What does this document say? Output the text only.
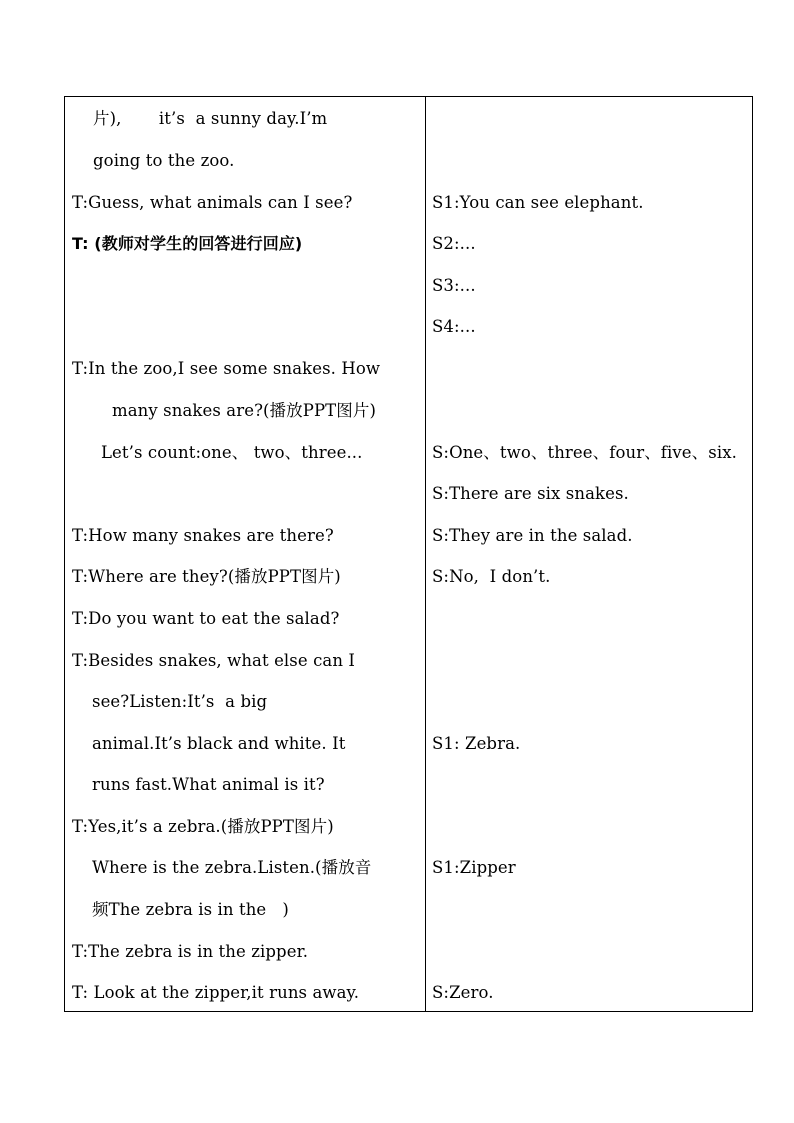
片),       it’s  a sunny day.I’m
going to the zoo.
T:Guess, what animals can I see?
T: (教师对学生的回答进行回应)
T:In the zoo,I see some snakes. How
many snakes are?(播放PPT图片)
Let’s count:one、 two、three...
T:How many snakes are there?
T:Where are they?(播放PPT图片)
T:Do you want to eat the salad?
T:Besides snakes, what else can I
see?Listen:It’s  a big
animal.It’s black and white. It
runs fast.What animal is it?
T:Yes,it’s a zebra.(播放PPT图片)
Where is the zebra.Listen.(播放音
频The zebra is in the   )
T:The zebra is in the zipper.
T: Look at the zipper,it runs away.
S1:You can see elephant.
S2:...
S3:...
S4:...
S:One、two、three、four、five、six.
S:There are six snakes.
S:They are in the salad.
S:No,  I don’t.
S1: Zebra.
S1:Zipper
S:Zero.
